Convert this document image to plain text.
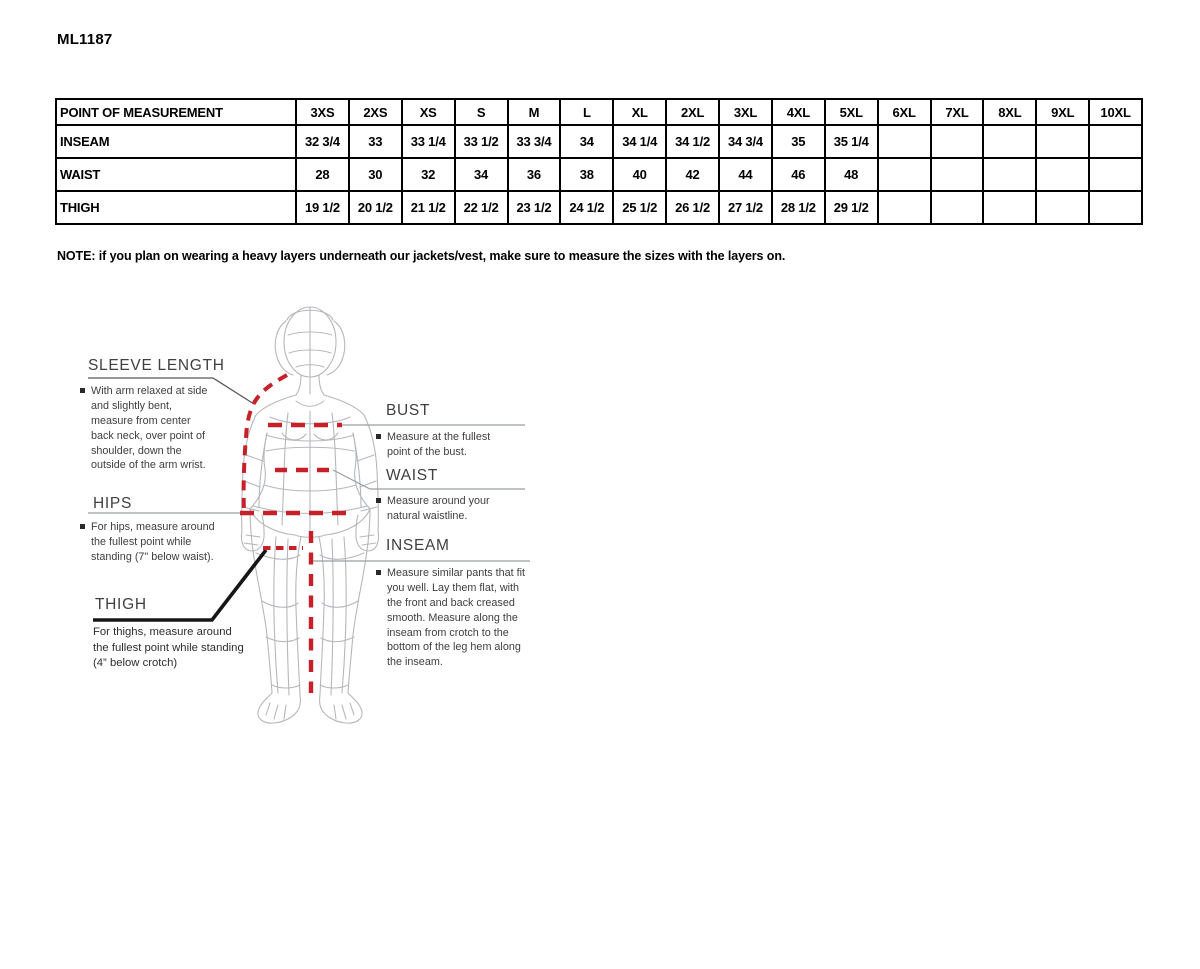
ML1187
POINT OF MEASUREMENT	3XS	2XS	XS	S	M	L	XL	2XL	3XL	4XL	5XL	6XL	7XL	8XL	9XL	10XL
INSEAM	32 3/4	33	33 1/4	33 1/2	33 3/4	34	34 1/4	34 1/2	34 3/4	35	35 1/4					
WAIST	28	30	32	34	36	38	40	42	44	46	48					
THIGH	19 1/2	20 1/2	21 1/2	22 1/2	23 1/2	24 1/2	25 1/2	26 1/2	27 1/2	28 1/2	29 1/2					
NOTE: if you plan on wearing a heavy layers underneath our jackets/vest, make sure to measure the sizes with the layers on.
SLEEVE LENGTH
With arm relaxed at side and slightly bent, measure from center back neck, over point of shoulder, down the outside of the arm wrist.
HIPS
For hips, measure around the fullest point while standing (7" below waist).
THIGH
For thighs, measure around the fullest point while standing (4” below crotch)
BUST
Measure at the fullest point of the bust.
WAIST
Measure around your natural waistline.
INSEAM
Measure similar pants that fit you well. Lay them flat, with the front and back creased smooth. Measure along the inseam from crotch to the bottom of the leg hem along the inseam.
